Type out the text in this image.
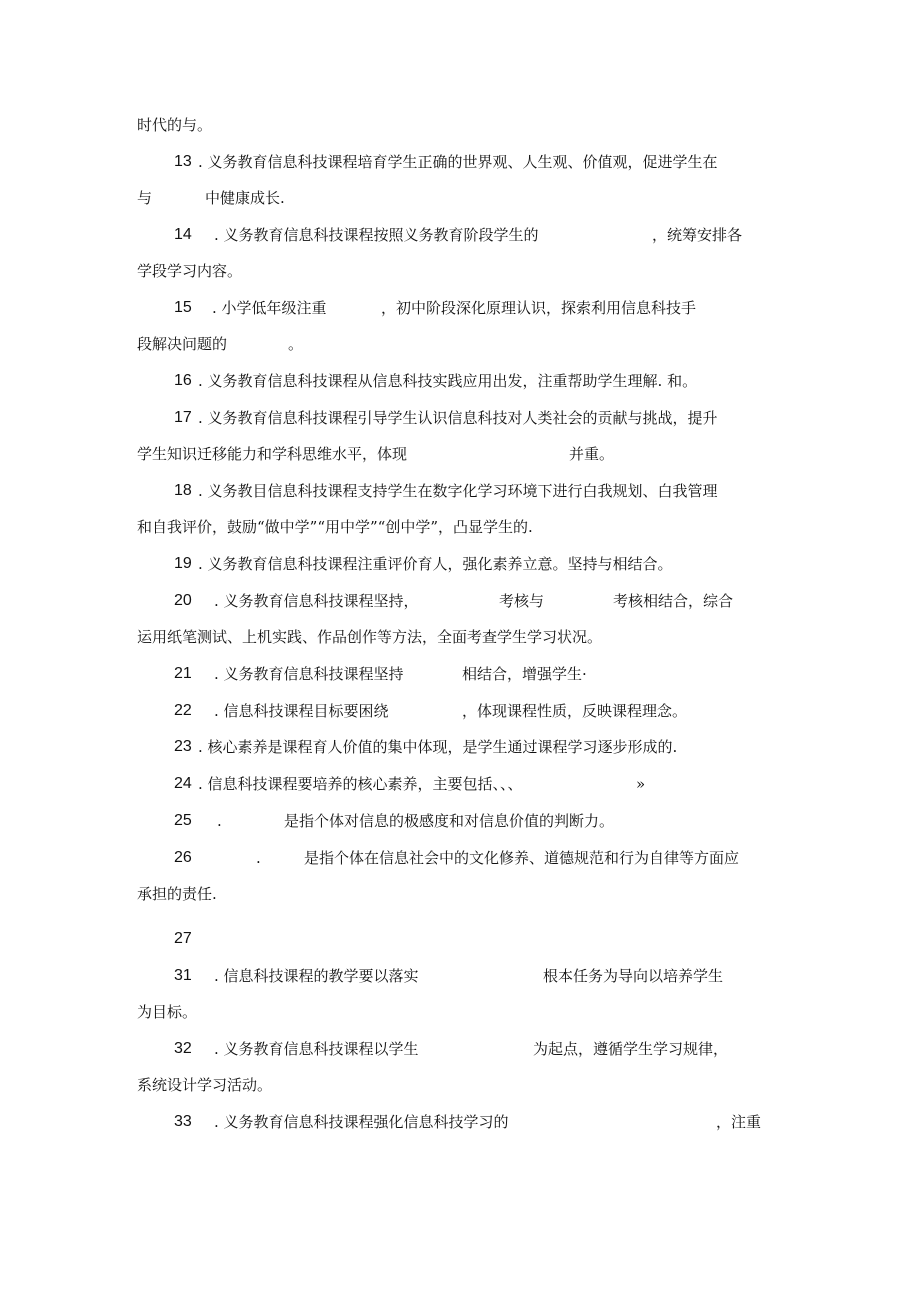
时代的与。
13 . 义务教育信息科技课程培育学生正确的世界观、人生观、价值观，促进学生在
与	中健康成长.
14 . 义务教育信息科技课程按照义务教育阶段学生的	，统筹安排各
学段学习内容。
15 . 小学低年级注重	，初中阶段深化原理认识，探索利用信息科技手
段解决问题的	。
16 . 义务教育信息科技课程从信息科技实践应用出发，注重帮助学生理解. 和。
17 . 义务教育信息科技课程引导学生认识信息科技对人类社会的贡献与挑战，提升
学生知识迁移能力和学科思维水平，体现	并重。
18 . 义务教目信息科技课程支持学生在数字化学习环境下进行白我规划、白我管理
和自我评价，鼓励“做中学”“用中学”“创中学”，凸显学生的.
19 . 义务教育信息科技课程注重评价育人，强化素养立意。坚持与相结合。
20 . 义务教育信息科技课程坚持，	考核与	考核相结合，综合
运用纸笔测试、上机实践、作品创作等方法，全面考查学生学习状况。
21 . 义务教育信息科技课程坚持	相结合，增强学生·
22 . 信息科技课程目标要困绕	，体现课程性质，反映课程理念。
23 . 核心素养是课程育人价值的集中体现，是学生通过课程学习逐步形成的.
24 . 信息科技课程要培养的核心素养，主要包括、、、	»
25 .	是指个体对信息的极感度和对信息价值的判断力。
26	.	是指个体在信息社会中的文化修养、道德规范和行为自律等方面应
承担的责任.
27
31 . 信息科技课程的教学要以落实	根本任务为导向以培养学生
为目标。
32 . 义务教育信息科技课程以学生	为起点，遵循学生学习规律，
系统设计学习活动。
33 . 义务教育信息科技课程强化信息科技学习的	，注重
